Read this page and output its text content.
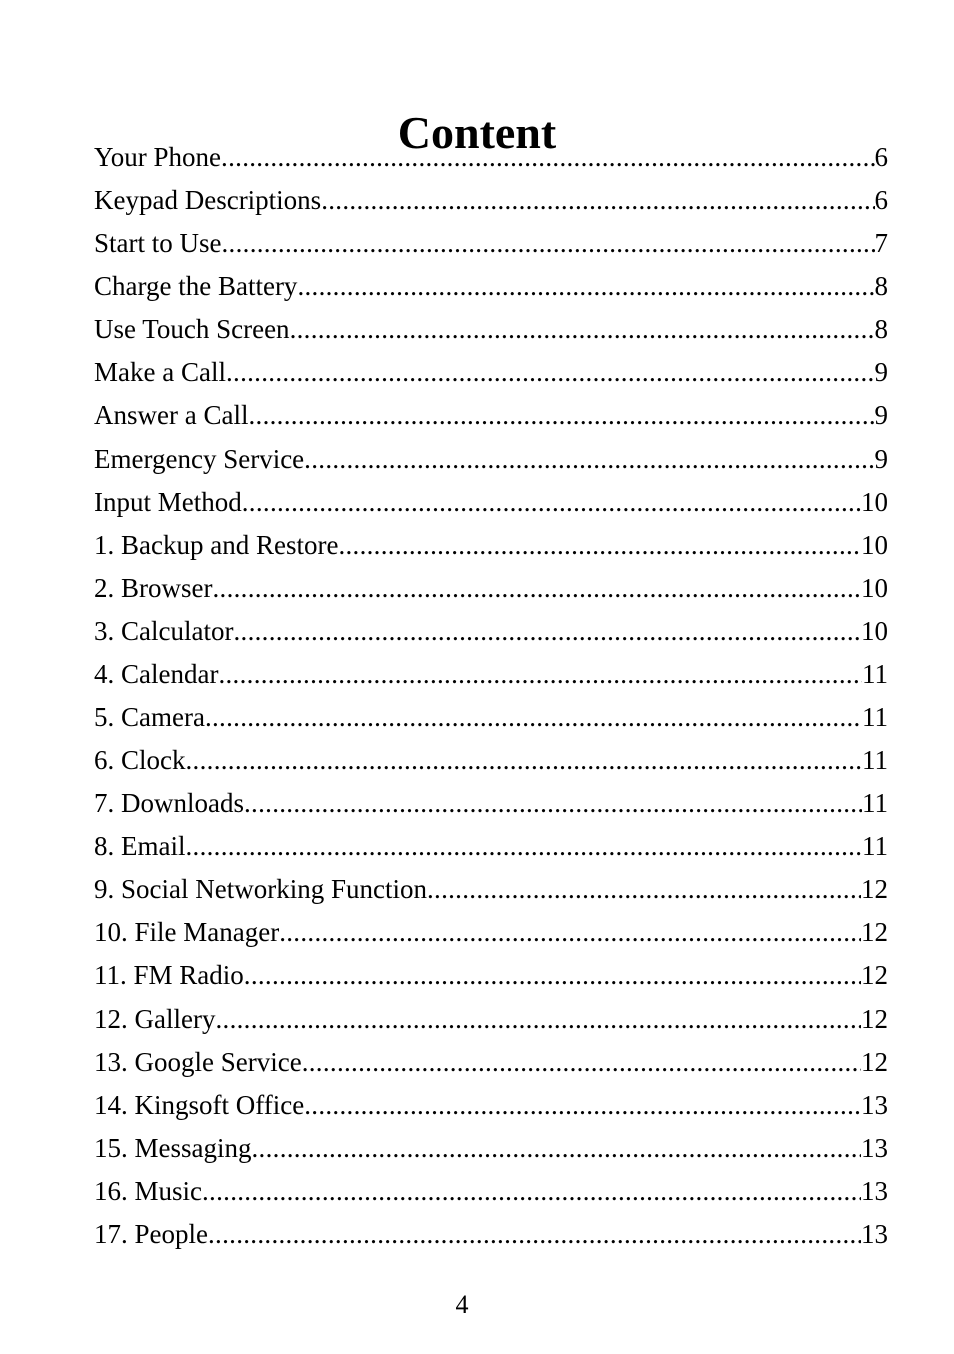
Content
Your Phone .....	6
Keypad Descriptions .....	6
Start to Use .....	7
Charge the Battery .....	8
Use Touch Screen .....	8
Make a Call .....	9
Answer a Call .....	9
Emergency Service .....	9
Input Method .....	10
1. Backup and Restore .....	10
2. Browser .....	10
3. Calculator .....	10
4. Calendar .....	11
5. Camera .....	11
6. Clock .....	11
7. Downloads .....	11
8. Email .....	11
9. Social Networking Function .....	12
10. File Manager .....	12
11. FM Radio .....	12
12. Gallery .....	12
13. Google Service .....	12
14. Kingsoft Office .....	13
15. Messaging .....	13
16. Music .....	13
17. People .....	13
4
